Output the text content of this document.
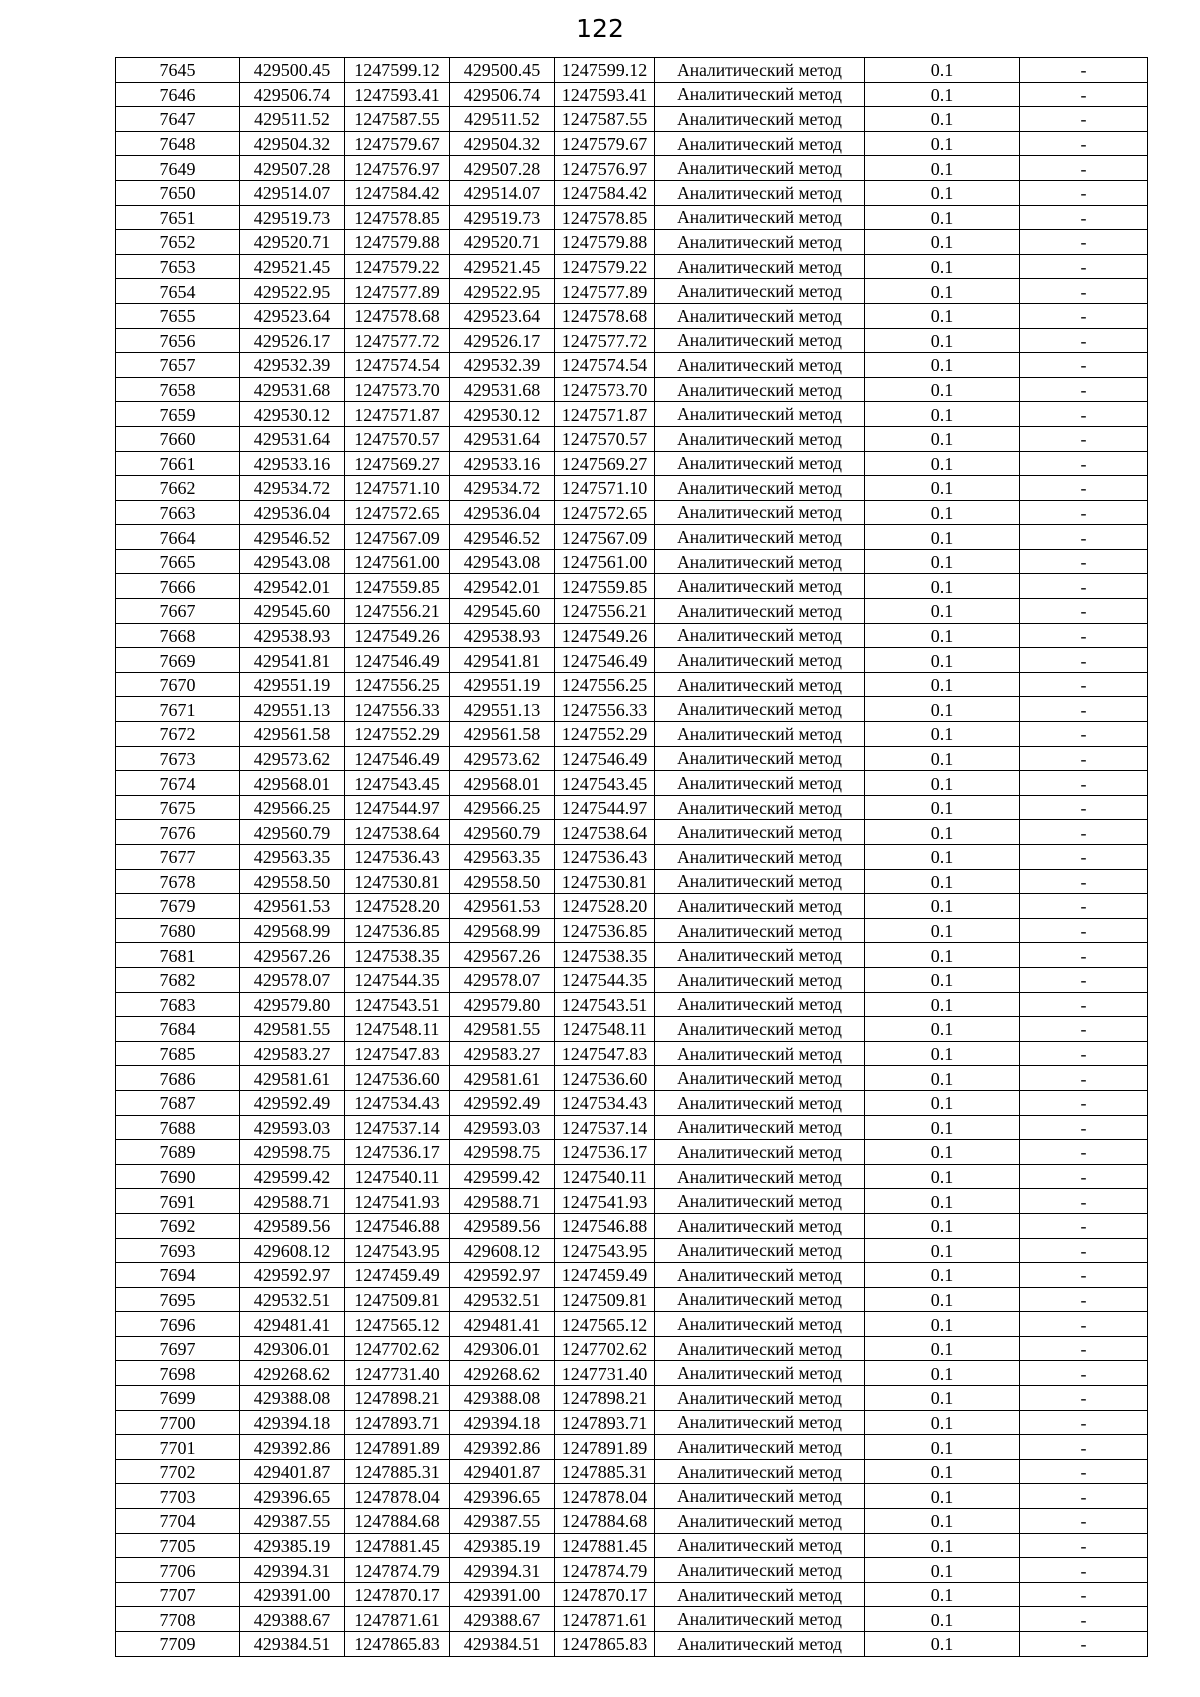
122
7645	429500.45	1247599.12	429500.45	1247599.12	Аналитический метод	0.1	-
7646	429506.74	1247593.41	429506.74	1247593.41	Аналитический метод	0.1	-
7647	429511.52	1247587.55	429511.52	1247587.55	Аналитический метод	0.1	-
7648	429504.32	1247579.67	429504.32	1247579.67	Аналитический метод	0.1	-
7649	429507.28	1247576.97	429507.28	1247576.97	Аналитический метод	0.1	-
7650	429514.07	1247584.42	429514.07	1247584.42	Аналитический метод	0.1	-
7651	429519.73	1247578.85	429519.73	1247578.85	Аналитический метод	0.1	-
7652	429520.71	1247579.88	429520.71	1247579.88	Аналитический метод	0.1	-
7653	429521.45	1247579.22	429521.45	1247579.22	Аналитический метод	0.1	-
7654	429522.95	1247577.89	429522.95	1247577.89	Аналитический метод	0.1	-
7655	429523.64	1247578.68	429523.64	1247578.68	Аналитический метод	0.1	-
7656	429526.17	1247577.72	429526.17	1247577.72	Аналитический метод	0.1	-
7657	429532.39	1247574.54	429532.39	1247574.54	Аналитический метод	0.1	-
7658	429531.68	1247573.70	429531.68	1247573.70	Аналитический метод	0.1	-
7659	429530.12	1247571.87	429530.12	1247571.87	Аналитический метод	0.1	-
7660	429531.64	1247570.57	429531.64	1247570.57	Аналитический метод	0.1	-
7661	429533.16	1247569.27	429533.16	1247569.27	Аналитический метод	0.1	-
7662	429534.72	1247571.10	429534.72	1247571.10	Аналитический метод	0.1	-
7663	429536.04	1247572.65	429536.04	1247572.65	Аналитический метод	0.1	-
7664	429546.52	1247567.09	429546.52	1247567.09	Аналитический метод	0.1	-
7665	429543.08	1247561.00	429543.08	1247561.00	Аналитический метод	0.1	-
7666	429542.01	1247559.85	429542.01	1247559.85	Аналитический метод	0.1	-
7667	429545.60	1247556.21	429545.60	1247556.21	Аналитический метод	0.1	-
7668	429538.93	1247549.26	429538.93	1247549.26	Аналитический метод	0.1	-
7669	429541.81	1247546.49	429541.81	1247546.49	Аналитический метод	0.1	-
7670	429551.19	1247556.25	429551.19	1247556.25	Аналитический метод	0.1	-
7671	429551.13	1247556.33	429551.13	1247556.33	Аналитический метод	0.1	-
7672	429561.58	1247552.29	429561.58	1247552.29	Аналитический метод	0.1	-
7673	429573.62	1247546.49	429573.62	1247546.49	Аналитический метод	0.1	-
7674	429568.01	1247543.45	429568.01	1247543.45	Аналитический метод	0.1	-
7675	429566.25	1247544.97	429566.25	1247544.97	Аналитический метод	0.1	-
7676	429560.79	1247538.64	429560.79	1247538.64	Аналитический метод	0.1	-
7677	429563.35	1247536.43	429563.35	1247536.43	Аналитический метод	0.1	-
7678	429558.50	1247530.81	429558.50	1247530.81	Аналитический метод	0.1	-
7679	429561.53	1247528.20	429561.53	1247528.20	Аналитический метод	0.1	-
7680	429568.99	1247536.85	429568.99	1247536.85	Аналитический метод	0.1	-
7681	429567.26	1247538.35	429567.26	1247538.35	Аналитический метод	0.1	-
7682	429578.07	1247544.35	429578.07	1247544.35	Аналитический метод	0.1	-
7683	429579.80	1247543.51	429579.80	1247543.51	Аналитический метод	0.1	-
7684	429581.55	1247548.11	429581.55	1247548.11	Аналитический метод	0.1	-
7685	429583.27	1247547.83	429583.27	1247547.83	Аналитический метод	0.1	-
7686	429581.61	1247536.60	429581.61	1247536.60	Аналитический метод	0.1	-
7687	429592.49	1247534.43	429592.49	1247534.43	Аналитический метод	0.1	-
7688	429593.03	1247537.14	429593.03	1247537.14	Аналитический метод	0.1	-
7689	429598.75	1247536.17	429598.75	1247536.17	Аналитический метод	0.1	-
7690	429599.42	1247540.11	429599.42	1247540.11	Аналитический метод	0.1	-
7691	429588.71	1247541.93	429588.71	1247541.93	Аналитический метод	0.1	-
7692	429589.56	1247546.88	429589.56	1247546.88	Аналитический метод	0.1	-
7693	429608.12	1247543.95	429608.12	1247543.95	Аналитический метод	0.1	-
7694	429592.97	1247459.49	429592.97	1247459.49	Аналитический метод	0.1	-
7695	429532.51	1247509.81	429532.51	1247509.81	Аналитический метод	0.1	-
7696	429481.41	1247565.12	429481.41	1247565.12	Аналитический метод	0.1	-
7697	429306.01	1247702.62	429306.01	1247702.62	Аналитический метод	0.1	-
7698	429268.62	1247731.40	429268.62	1247731.40	Аналитический метод	0.1	-
7699	429388.08	1247898.21	429388.08	1247898.21	Аналитический метод	0.1	-
7700	429394.18	1247893.71	429394.18	1247893.71	Аналитический метод	0.1	-
7701	429392.86	1247891.89	429392.86	1247891.89	Аналитический метод	0.1	-
7702	429401.87	1247885.31	429401.87	1247885.31	Аналитический метод	0.1	-
7703	429396.65	1247878.04	429396.65	1247878.04	Аналитический метод	0.1	-
7704	429387.55	1247884.68	429387.55	1247884.68	Аналитический метод	0.1	-
7705	429385.19	1247881.45	429385.19	1247881.45	Аналитический метод	0.1	-
7706	429394.31	1247874.79	429394.31	1247874.79	Аналитический метод	0.1	-
7707	429391.00	1247870.17	429391.00	1247870.17	Аналитический метод	0.1	-
7708	429388.67	1247871.61	429388.67	1247871.61	Аналитический метод	0.1	-
7709	429384.51	1247865.83	429384.51	1247865.83	Аналитический метод	0.1	-
